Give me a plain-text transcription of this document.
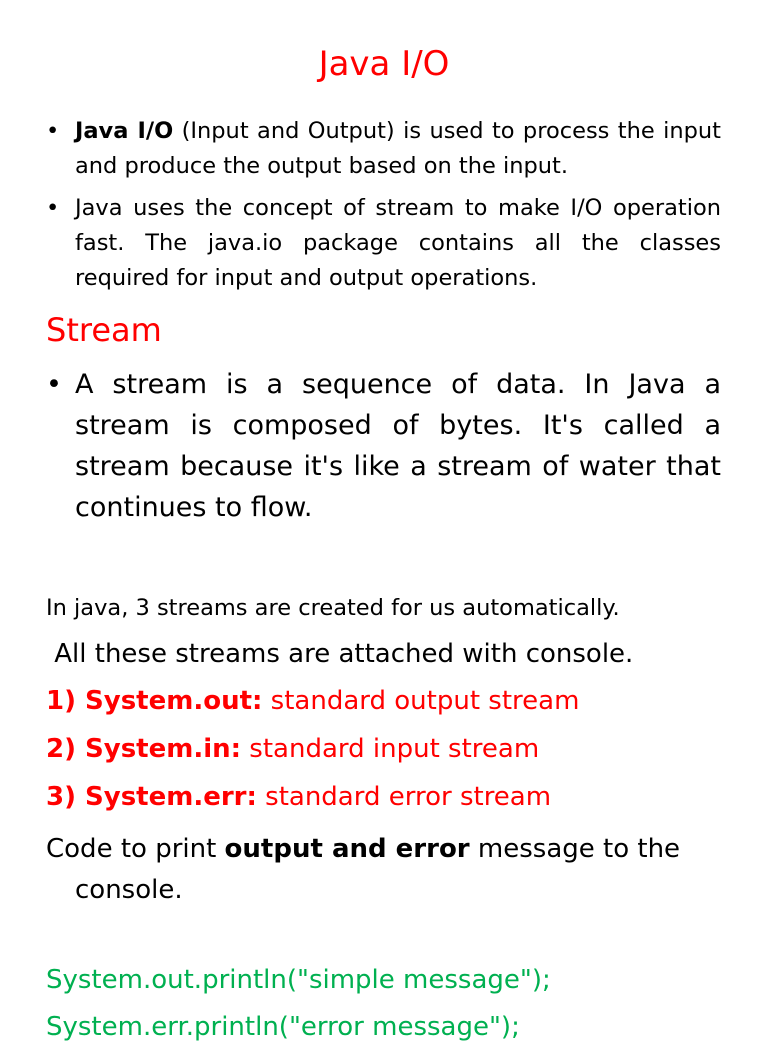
Java I/O
• Java I/O (Input and Output) is used to process the input and produce the output based on the input.
• Java uses the concept of stream to make I/O operation fast. The java.io package contains all the classes required for input and output operations.
Stream
• A stream is a sequence of data. In Java a stream is composed of bytes. It's called a stream because it's like a stream of water that continues to flow.

In java, 3 streams are created for us automatically.

All these streams are attached with console.

1) System.out: standard output stream

2) System.in: standard input stream

3) System.err: standard error stream

Code to print output and error message to the
console.

System.out.println("simple message");

System.err.println("error message");
